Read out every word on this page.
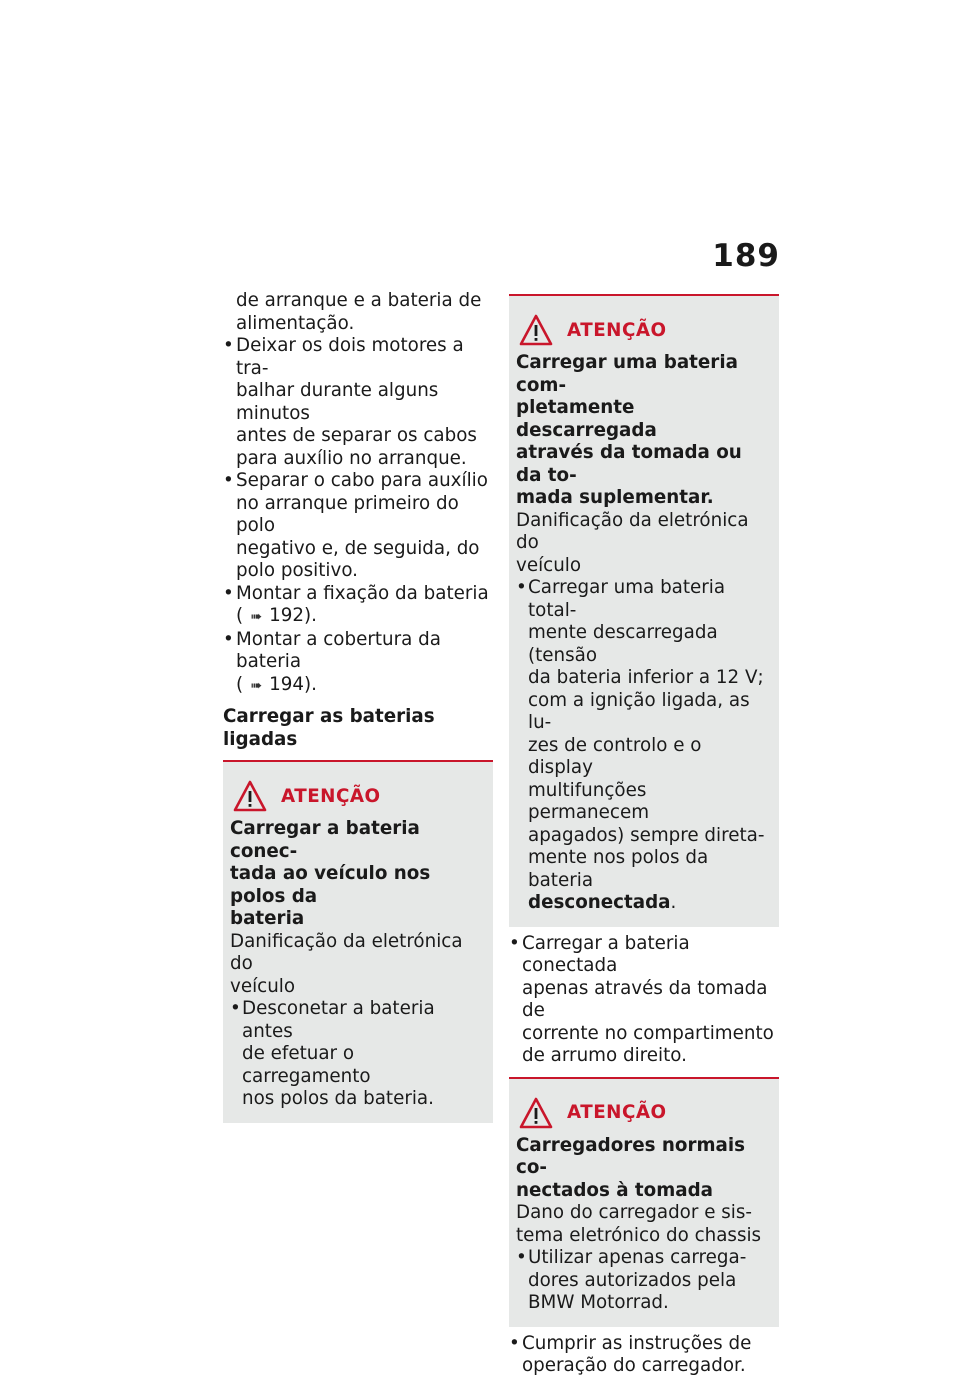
189
de arranque e a bateria de
alimentação.
• Deixar os dois motores a tra-
balhar durante alguns minutos
antes de separar os cabos
para auxílio no arranque.
• Separar o cabo para auxílio
no arranque primeiro do polo
negativo e, de seguida, do
polo positivo.
• Montar a fixação da bateria
( ➠ 192).
• Montar a cobertura da bateria
( ➠ 194).
Carregar as baterias ligadas
ATENÇÃO
Carregar a bateria conec-
tada ao veículo nos polos da
bateria
Danificação da eletrónica do
veículo
• Desconetar a bateria antes
de efetuar o carregamento
nos polos da bateria.
ATENÇÃO
Carregar uma bateria com-
pletamente descarregada
através da tomada ou da to-
mada suplementar.
Danificação da eletrónica do
veículo
• Carregar uma bateria total-
mente descarregada (tensão
da bateria inferior a 12 V;
com a ignição ligada, as lu-
zes de controlo e o display
multifunções permanecem
apagados) sempre direta-
mente nos polos da bateria
desconectada.
• Carregar a bateria conectada
apenas através da tomada de
corrente no compartimento
de arrumo direito.
ATENÇÃO
Carregadores normais co-
nectados à tomada
Dano do carregador e sis-
tema eletrónico do chassis
• Utilizar apenas carrega-
dores autorizados pela
BMW Motorrad.
• Cumprir as instruções de
operação do carregador.
